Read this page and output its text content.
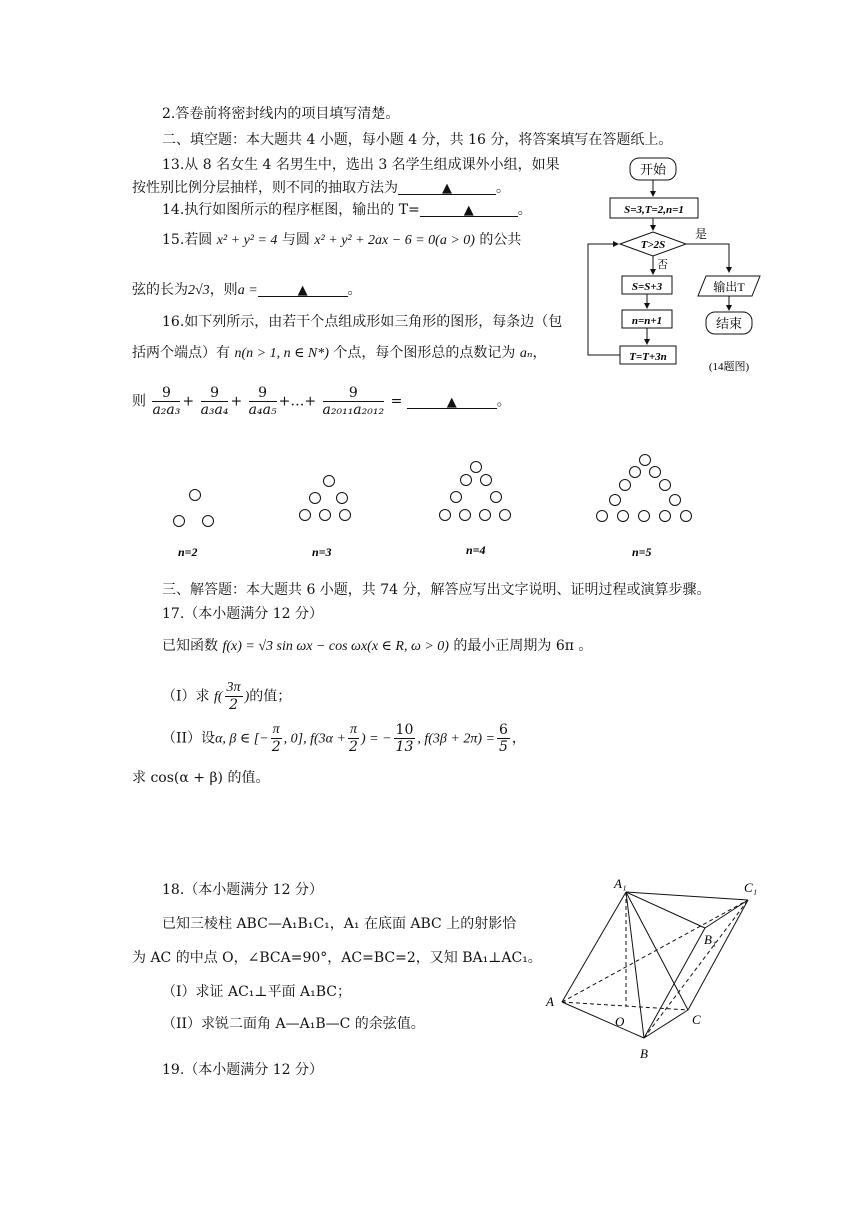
2.答卷前将密封线内的项目填写清楚。
二、填空题：本大题共 4 小题，每小题 4 分，共 16 分，将答案填写在答题纸上。
13.从 8 名女生 4 名男生中，选出 3 名学生组成课外小组，如果
按性别比例分层抽样，则不同的抽取方法为	▲	。
14.执行如图所示的程序框图，输出的 T=	▲	。
15.若圆 x² + y² = 4 与圆 x² + y² + 2ax − 6 = 0(a > 0) 的公共
弦的长为2√3，则a =	▲	。
16.如下列所示，由若干个点组成形如三角形的图形，每条边（包
括两个端点）有 n(n > 1, n ∈ N*) 个点，每个图形总的点数记为 aₙ，
则 $\frac{9}{\text{a₂a₃}} + \frac{9}{\text{a₃a₄}} + \frac{9}{\text{a₄a₅}}$ +…+ $\frac{9}{\text{a₂₀₁₁a₂₀₁₂}}$ =	▲	。
开始
S=3,T=2,n=1
T>2S
是
否
S=S+3
n=n+1
T=T+3n
输出T
结束
(14题图)
n=2	n=3	n=4	n=5
三、解答题：本大题共 6 小题，共 74 分，解答应写出文字说明、证明过程或演算步骤。
17.（本小题满分 12 分）
已知函数 f(x) = √3 sin ωx − cos ωx(x ∈ R, ω > 0) 的最小正周期为 6π 。
（I）求 $f( \frac{3\pi}{2}$ )的值；
（II）设α, β ∈ [− $\frac{\pi}{2}$ , 0], $f(3\alpha + \frac{\pi}{2}$ ) = − $\frac{10}{13}$ , $f(3\beta + 2\pi) = \frac{6}{5}$ ，
求 cos(α + β) 的值。
18.（本小题满分 12 分）
已知三棱柱 ABC—A₁B₁C₁，A₁ 在底面 ABC 上的射影恰
为 AC 的中点 O，∠BCA=90°，AC=BC=2，又知 BA₁⊥AC₁。
（I）求证 AC₁⊥平面 A₁BC；
（II）求锐二面角 A—A₁B—C 的余弦值。
A₁	C₁
B₁
A
O	C
B
19.（本小题满分 12 分）
